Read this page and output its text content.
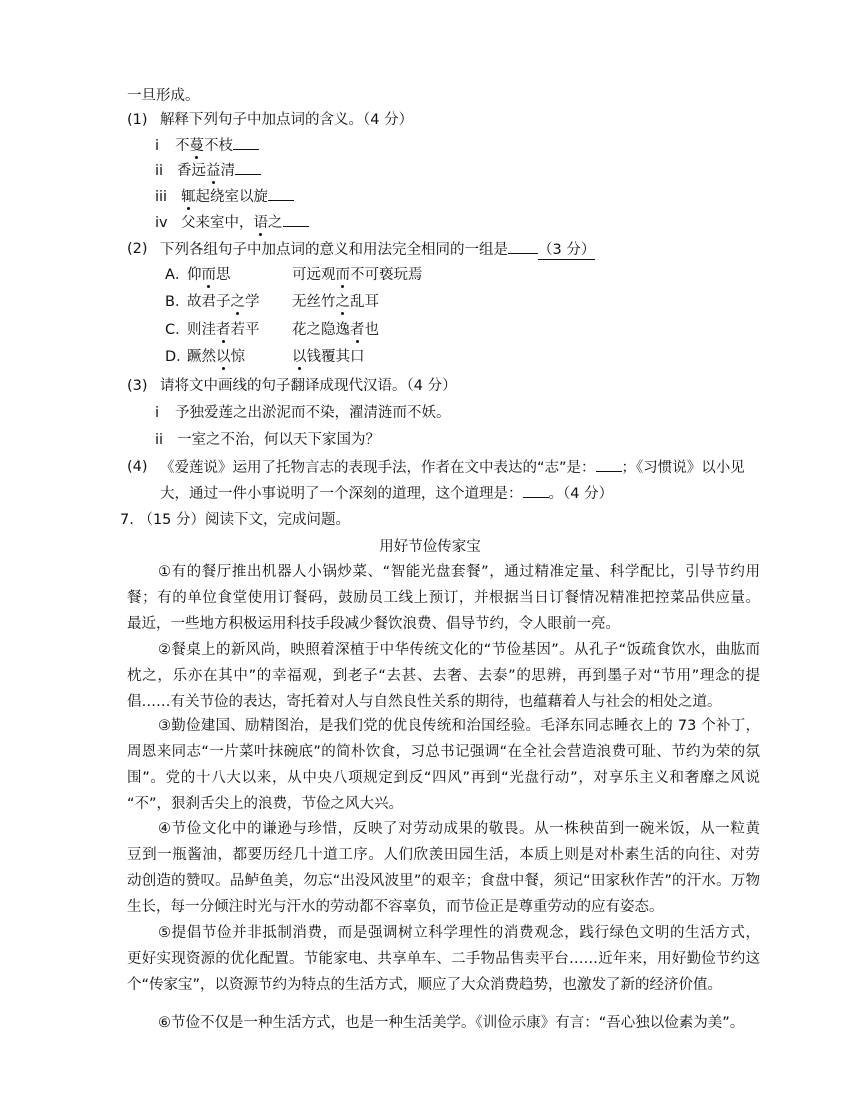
一旦形成。
(1) 解释下列句子中加点词的含义。（4 分）
i 不蔓不枝
ii 香远益清
iii 辄起绕室以旋
iv 父来室中，语之
(2) 下列各组句子中加点词的意义和用法完全相同的一组是 （3 分）
A．仰而思	可远观而不可亵玩焉
B．故君子之学 无丝竹之乱耳
C．则洼者若平 花之隐逸者也
D．蹶然以惊	以钱覆其口
(3) 请将文中画线的句子翻译成现代汉语。（4 分）
i 予独爱莲之出淤泥而不染，濯清涟而不妖。
ii 一室之不治，何以天下家国为？
(4) 《爱莲说》运用了托物言志的表现手法，作者在文中表达的“志”是： ；《习惯说》以小见
大，通过一件小事说明了一个深刻的道理，这个道理是： 。（4 分）
7. （15 分）阅读下文，完成问题。
用好节俭传家宝
①有的餐厅推出机器人小锅炒菜、“智能光盘套餐”，通过精准定量、科学配比，引导节约用
餐；有的单位食堂使用订餐码，鼓励员工线上预订，并根据当日订餐情况精准把控菜品供应量。
最近，一些地方积极运用科技手段减少餐饮浪费、倡导节约，令人眼前一亮。
②餐桌上的新风尚，映照着深植于中华传统文化的“节俭基因”。从孔子“饭疏食饮水，曲肱而
枕之，乐亦在其中”的幸福观，到老子“去甚、去奢、去泰”的思辨，再到墨子对“节用”理念的提
倡……有关节俭的表达，寄托着对人与自然良性关系的期待，也蕴藉着人与社会的相处之道。
③勤俭建国、励精图治，是我们党的优良传统和治国经验。毛泽东同志睡衣上的 73 个补丁，
周恩来同志“一片菜叶抹碗底”的简朴饮食，习总书记强调“在全社会营造浪费可耻、节约为荣的氛
围”。党的十八大以来，从中央八项规定到反“四风”再到“光盘行动”，对享乐主义和奢靡之风说
“不”，狠刹舌尖上的浪费，节俭之风大兴。
④节俭文化中的谦逊与珍惜，反映了对劳动成果的敬畏。从一株秧苗到一碗米饭，从一粒黄
豆到一瓶酱油，都要历经几十道工序。人们欣羡田园生活，本质上则是对朴素生活的向往、对劳
动创造的赞叹。品鲈鱼美，勿忘“出没风波里”的艰辛；食盘中餐，须记“田家秋作苦”的汗水。万物
生长，每一分倾注时光与汗水的劳动都不容辜负，而节俭正是尊重劳动的应有姿态。
⑤提倡节俭并非抵制消费，而是强调树立科学理性的消费观念，践行绿色文明的生活方式，
更好实现资源的优化配置。节能家电、共享单车、二手物品售卖平台……近年来，用好勤俭节约这
个“传家宝”，以资源节约为特点的生活方式，顺应了大众消费趋势，也激发了新的经济价值。
⑥节俭不仅是一种生活方式，也是一种生活美学。《训俭示康》有言：“吾心独以俭素为美”。
